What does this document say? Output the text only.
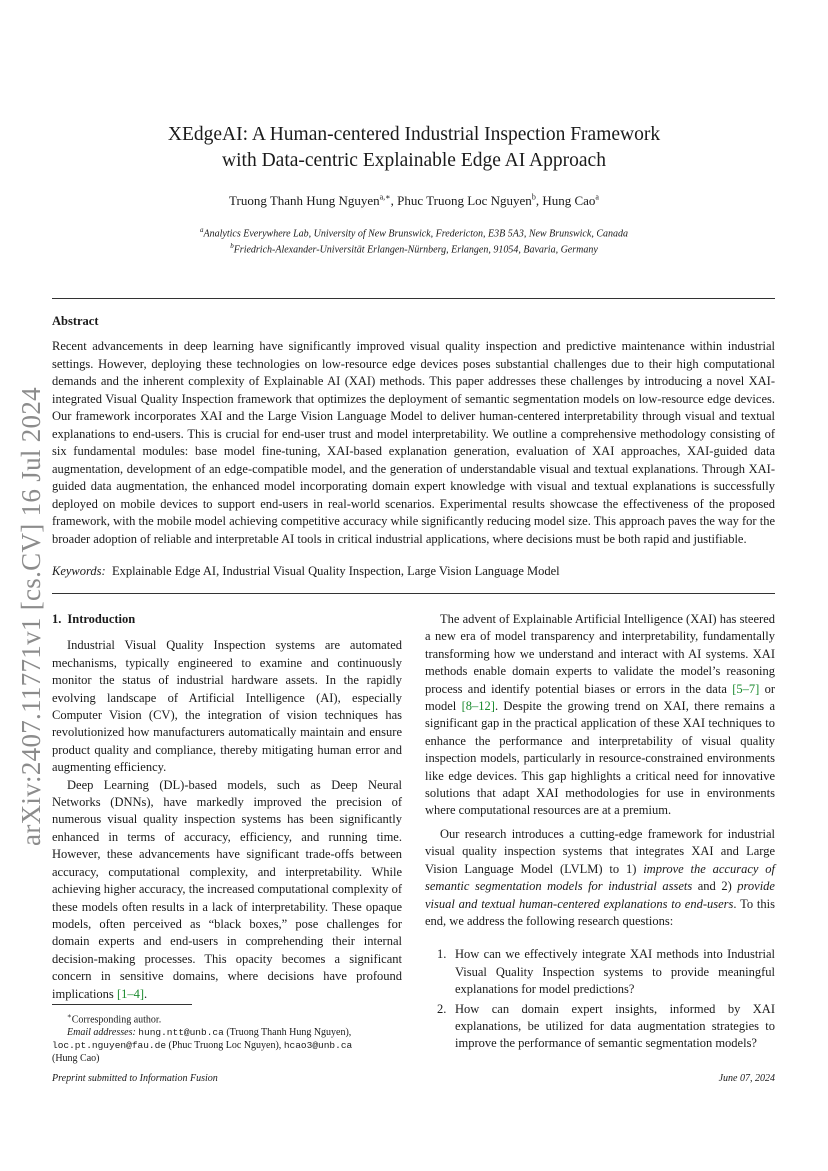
arXiv:2407.11771v1 [cs.CV] 16 Jul 2024
XEdgeAI: A Human-centered Industrial Inspection Framework
with Data-centric Explainable Edge AI Approach
Truong Thanh Hung Nguyen$^{a,∗}$, Phuc Truong Loc Nguyen$^b$, Hung Cao$^a$
$^a$Analytics Everywhere Lab, University of New Brunswick, Fredericton, E3B 5A3, New Brunswick, Canada
$^b$Friedrich-Alexander-Universität Erlangen-Nürnberg, Erlangen, 91054, Bavaria, Germany
Abstract
Recent advancements in deep learning have significantly improved visual quality inspection and predictive maintenance within industrial settings. However, deploying these technologies on low-resource edge devices poses substantial challenges due to their high computational demands and the inherent complexity of Explainable AI (XAI) methods. This paper addresses these challenges by introducing a novel XAI-integrated Visual Quality Inspection framework that optimizes the deployment of semantic segmentation models on low-resource edge devices. Our framework incorporates XAI and the Large Vision Language Model to deliver human-centered interpretability through visual and textual explanations to end-users. This is crucial for end-user trust and model interpretability. We outline a comprehensive methodology consisting of six fundamental modules: base model fine-tuning, XAI-based explanation generation, evaluation of XAI approaches, XAI-guided data augmentation, development of an edge-compatible model, and the generation of understandable visual and textual explanations. Through XAI-guided data augmentation, the enhanced model incorporating domain expert knowledge with visual and textual explanations is successfully deployed on mobile devices to support end-users in real-world scenarios. Experimental results showcase the effectiveness of the proposed framework, with the mobile model achieving competitive accuracy while significantly reducing model size. This approach paves the way for the broader adoption of reliable and interpretable AI tools in critical industrial applications, where decisions must be both rapid and justifiable.
Keywords: Explainable Edge AI, Industrial Visual Quality Inspection, Large Vision Language Model
1. Introduction

Industrial Visual Quality Inspection systems are automated mechanisms, typically engineered to examine and continuously monitor the status of industrial hardware assets. In the rapidly evolving landscape of Artificial Intelligence (AI), especially Computer Vision (CV), the integration of vision techniques has revolutionized how manufacturers automatically maintain and ensure product quality and compliance, thereby mitigating human error and augmenting efficiency.

Deep Learning (DL)-based models, such as Deep Neural Networks (DNNs), have markedly improved the precision of numerous visual quality inspection systems has been significantly enhanced in terms of accuracy, efficiency, and running time. However, these advancements have significant trade-offs between accuracy, computational complexity, and interpretability. While achieving higher accuracy, the increased computational complexity of these models often results in a lack of interpretability. These opaque models, often perceived as “black boxes,” pose challenges for domain experts and end-users in comprehending their internal decision-making processes. This opacity becomes a significant concern in sensitive domains, where decisions have profound implications [1–4].

∗Corresponding author.

Email addresses: hung.ntt@unb.ca (Truong Thanh Hung Nguyen),

loc.pt.nguyen@fau.de (Phuc Truong Loc Nguyen), hcao3@unb.ca

(Hung Cao)

The advent of Explainable Artificial Intelligence (XAI) has steered a new era of model transparency and interpretability, fundamentally transforming how we understand and interact with AI systems. XAI methods enable domain experts to validate the model’s reasoning process and identify potential biases or errors in the data [5–7] or model [8–12]. Despite the growing trend on XAI, there remains a significant gap in the practical application of these XAI techniques to enhance the performance and interpretability of visual quality inspection models, particularly in resource-constrained environments like edge devices. This gap highlights a critical need for innovative solutions that adapt XAI methodologies for use in environments where computational resources are at a premium.

Our research introduces a cutting-edge framework for industrial visual quality inspection systems that integrates XAI and Large Vision Language Model (LVLM) to 1) improve the accuracy of semantic segmentation models for industrial assets and 2) provide visual and textual human-centered explanations to end-users. To this end, we address the following research questions:

1. How can we effectively integrate XAI methods into Industrial Visual Quality Inspection systems to provide meaningful explanations for model predictions?
2. How can domain expert insights, informed by XAI explanations, be utilized for data augmentation strategies to improve the performance of semantic segmentation models?
Preprint submitted to Information Fusion	June 07, 2024
